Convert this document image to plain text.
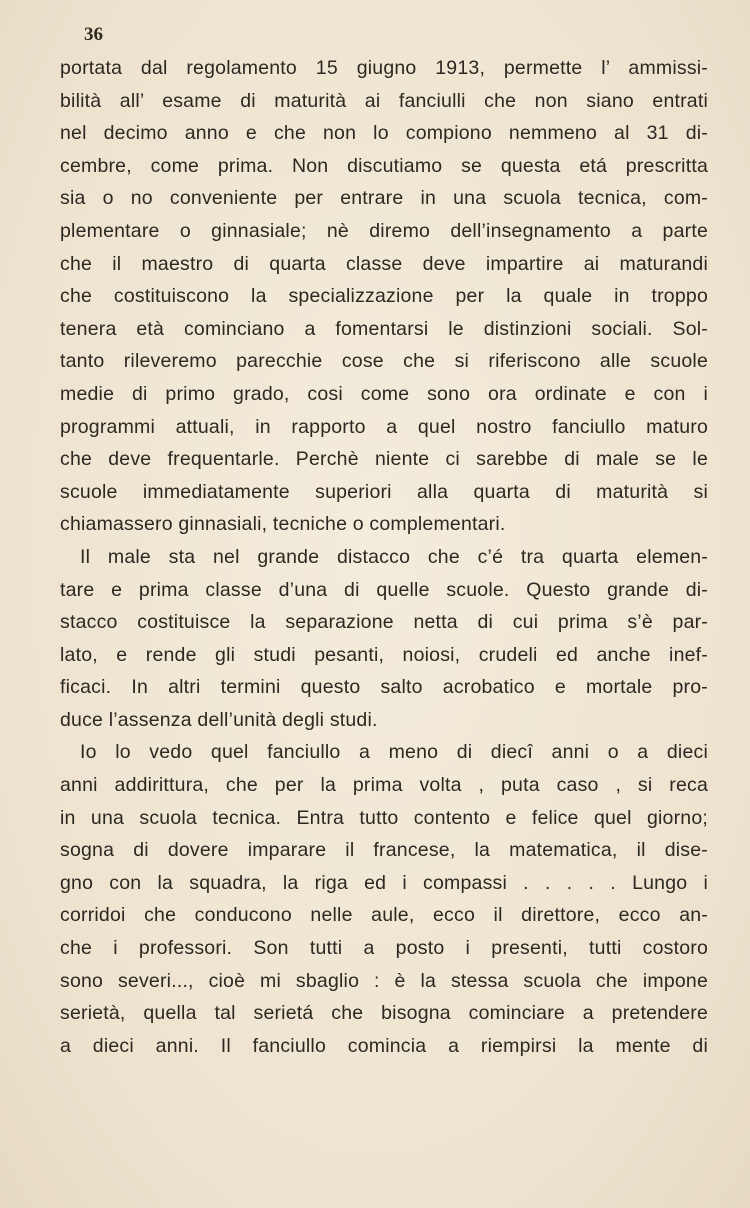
36
portata dal regolamento 15 giugno 1913, permette l’ ammissi-
bilità all’ esame di maturità ai fanciulli che non siano entrati
nel decimo anno e che non lo compiono nemmeno al 31 di-
cembre, come prima. Non discutiamo se questa etá prescritta
sia o no conveniente per entrare in una scuola tecnica, com-
plementare o ginnasiale; nè diremo dell’insegnamento a parte
che il maestro di quarta classe deve impartire ai maturandi
che costituiscono la specializzazione per la quale in troppo
tenera età cominciano a fomentarsi le distinzioni sociali. Sol-
tanto rileveremo parecchie cose che si riferiscono alle scuole
medie di primo grado, cosi come sono ora ordinate e con i
programmi attuali, in rapporto a quel nostro fanciullo maturo
che deve frequentarle. Perchè niente ci sarebbe di male se le
scuole immediatamente superiori alla quarta di maturità si
chiamassero ginnasiali, tecniche o complementari.
Il male sta nel grande distacco che c’é tra quarta elemen-
tare e prima classe d’una di quelle scuole. Questo grande di-
stacco costituisce la separazione netta di cui prima s’è par-
lato, e rende gli studi pesanti, noiosi, crudeli ed anche inef-
ficaci. In altri termini questo salto acrobatico e mortale pro-
duce l’assenza dell’unità degli studi.
Io lo vedo quel fanciullo a meno di diecî anni o a dieci
anni addirittura, che per la prima volta , puta caso , si reca
in una scuola tecnica. Entra tutto contento e felice quel giorno;
sogna di dovere imparare il francese, la matematica, il dise-
gno con la squadra, la riga ed i compassi . . . . . Lungo i
corridoi che conducono nelle aule, ecco il direttore, ecco an-
che i professori. Son tutti a posto i presenti, tutti costoro
sono severi..., cioè mi sbaglio : è la stessa scuola che impone
serietà, quella tal serietá che bisogna cominciare a pretendere
a dieci anni. Il fanciullo comincia a riempirsi la mente di
